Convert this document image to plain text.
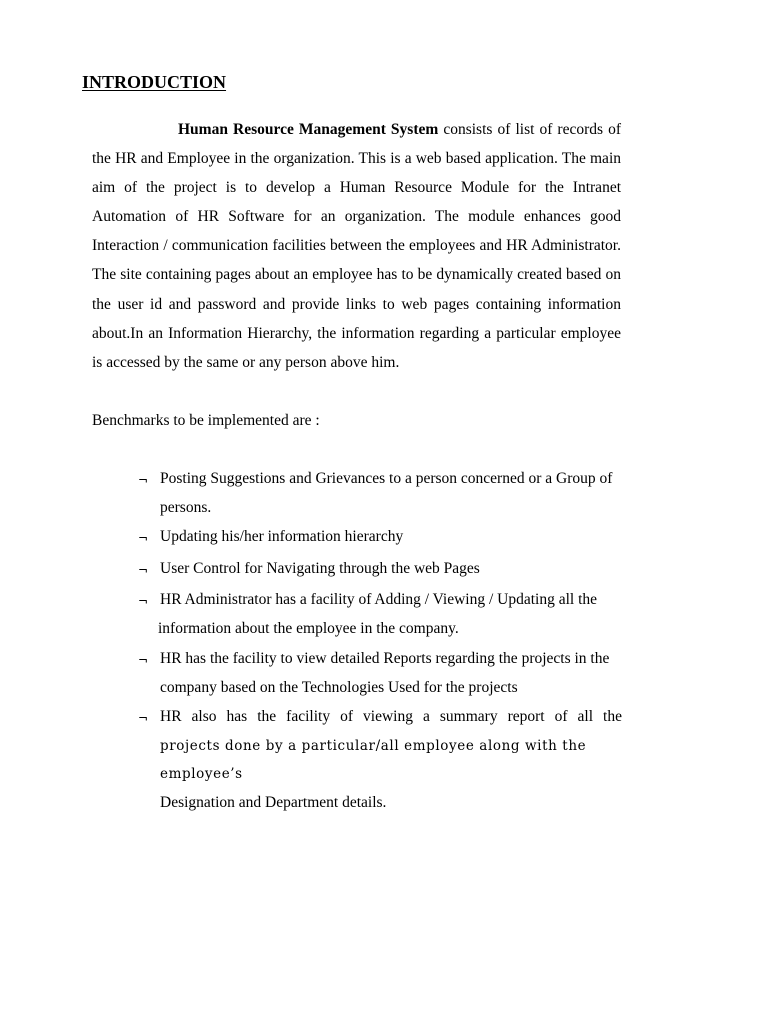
INTRODUCTION

Human Resource Management System consists of list of records of the HR and Employee in the organization. This is a web based application. The main aim of the project is to develop a Human Resource Module for the Intranet Automation of HR Software for an organization. The module enhances good Interaction / communication facilities between the employees and HR Administrator. The site containing pages about an employee has to be dynamically created based on the user id and password and provide links to web pages containing information about.In an Information Hierarchy, the information regarding a particular employee is accessed by the same or any person above him.

Benchmarks to be implemented are :

¬ Posting Suggestions and Grievances to a person concerned or a Group of persons.
¬ Updating his/her information hierarchy
¬ User Control for Navigating through the web Pages
¬ HR Administrator has a facility of Adding / Viewing / Updating all the
information about the employee in the company.
¬ HR has the facility to view detailed Reports regarding the projects in the company based on the Technologies Used for the projects
¬ HR also has the facility of viewing a summary report of all the
projects done by a particular/all employee along with the employee’s
Designation and Department details.
